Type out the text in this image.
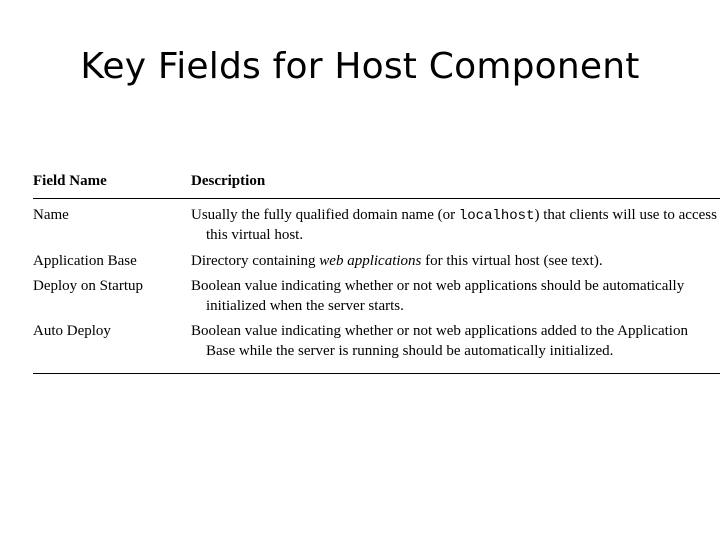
Key Fields for Host Component
Field Name	Description
Name	Usually the fully qualified domain name (or localhost) that clients will use to access
this virtual host.
Application Base	Directory containing web applications for this virtual host (see text).
Deploy on Startup	Boolean value indicating whether or not web applications should be automatically
initialized when the server starts.
Auto Deploy	Boolean value indicating whether or not web applications added to the Application
Base while the server is running should be automatically initialized.
